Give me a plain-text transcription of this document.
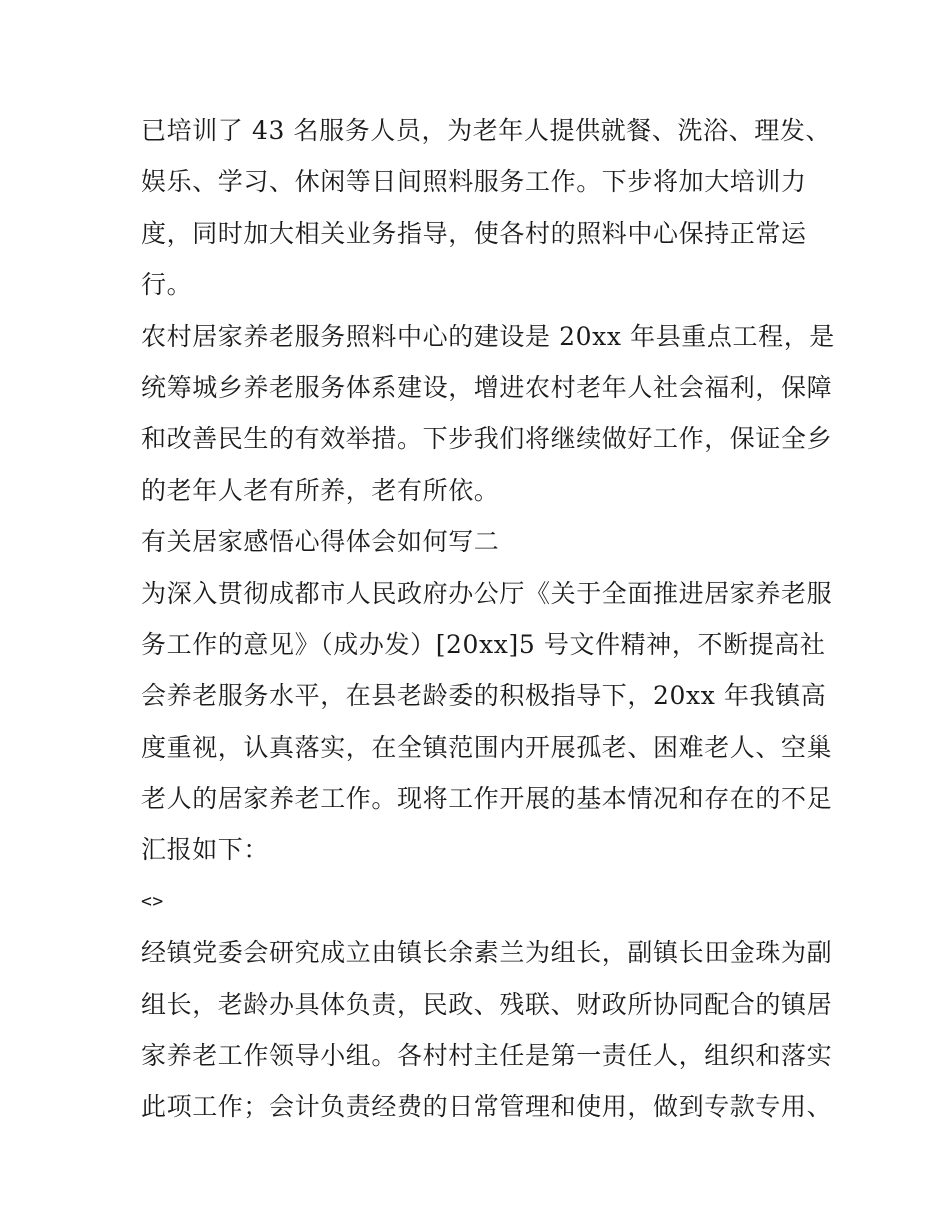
已培训了 43 名服务人员，为老年人提供就餐、洗浴、理发、
娱乐、学习、休闲等日间照料服务工作。下步将加大培训力
度，同时加大相关业务指导，使各村的照料中心保持正常运
行。
农村居家养老服务照料中心的建设是 20xx 年县重点工程，是
统筹城乡养老服务体系建设，增进农村老年人社会福利，保障
和改善民生的有效举措。下步我们将继续做好工作，保证全乡
的老年人老有所养，老有所依。
有关居家感悟心得体会如何写二
为深入贯彻成都市人民政府办公厅《关于全面推进居家养老服
务工作的意见》（成办发）[20xx]5 号文件精神，不断提高社
会养老服务水平，在县老龄委的积极指导下，20xx 年我镇高
度重视，认真落实，在全镇范围内开展孤老、困难老人、空巢
老人的居家养老工作。现将工作开展的基本情况和存在的不足
汇报如下：
<>
经镇党委会研究成立由镇长余素兰为组长，副镇长田金珠为副
组长，老龄办具体负责，民政、残联、财政所协同配合的镇居
家养老工作领导小组。各村村主任是第一责任人，组织和落实
此项工作；会计负责经费的日常管理和使用，做到专款专用、
